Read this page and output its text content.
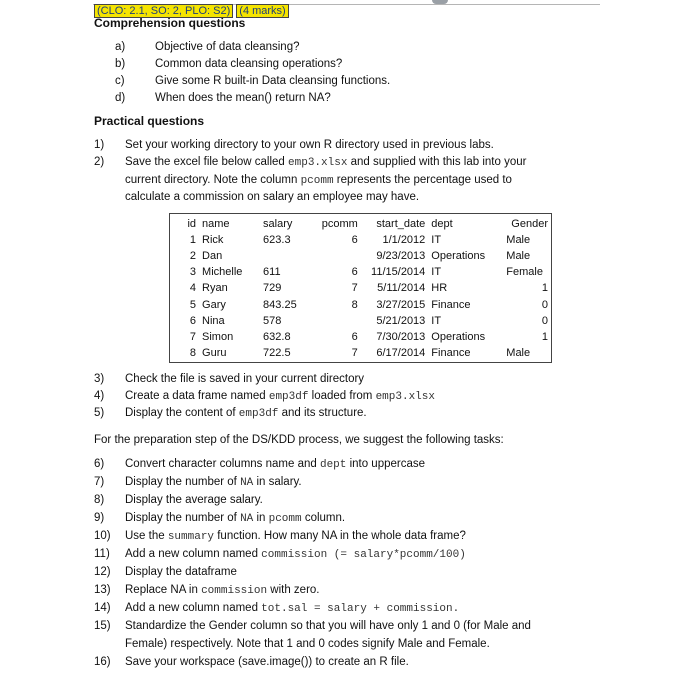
(CLO: 2.1, SO: 2, PLO: S2) (4 marks)
Comprehension questions
a)	Objective of data cleansing?
b)	Common data cleansing operations?
c)	Give some R built-in Data cleansing functions.
d)	When does the mean() return NA?
Practical questions
1) Set your working directory to your own R directory used in previous labs.
2) Save the excel file below called emp3.xlsx and supplied with this lab into your
current directory. Note the column pcomm represents the percentage used to
calculate a commission on salary an employee may have.
id	name	salary	pcomm	start_date	dept	Gender
1	Rick	623.3	6	1/1/2012	IT	Male
2	Dan			9/23/2013	Operations	Male
3	Michelle	611	6	11/15/2014	IT	Female
4	Ryan	729	7	5/11/2014	HR	1
5	Gary	843.25	8	3/27/2015	Finance	0
6	Nina	578		5/21/2013	IT	0
7	Simon	632.8	6	7/30/2013	Operations	1
8	Guru	722.5	7	6/17/2014	Finance	Male
3) Check the file is saved in your current directory
4) Create a data frame named emp3df loaded from emp3.xlsx
5) Display the content of emp3df and its structure.
For the preparation step of the DS/KDD process, we suggest the following tasks:
6) Convert character columns name and dept into uppercase
7) Display the number of NA in salary.
8) Display the average salary.
9) Display the number of NA in pcomm column.
10) Use the summary function. How many NA in the whole data frame?
11) Add a new column named commission (= salary*pcomm/100)
12) Display the dataframe
13) Replace NA in commission with zero.
14) Add a new column named tot.sal = salary + commission.
15) Standardize the Gender column so that you will have only 1 and 0 (for Male and
Female) respectively. Note that 1 and 0 codes signify Male and Female.
16) Save your workspace (save.image()) to create an R file.
